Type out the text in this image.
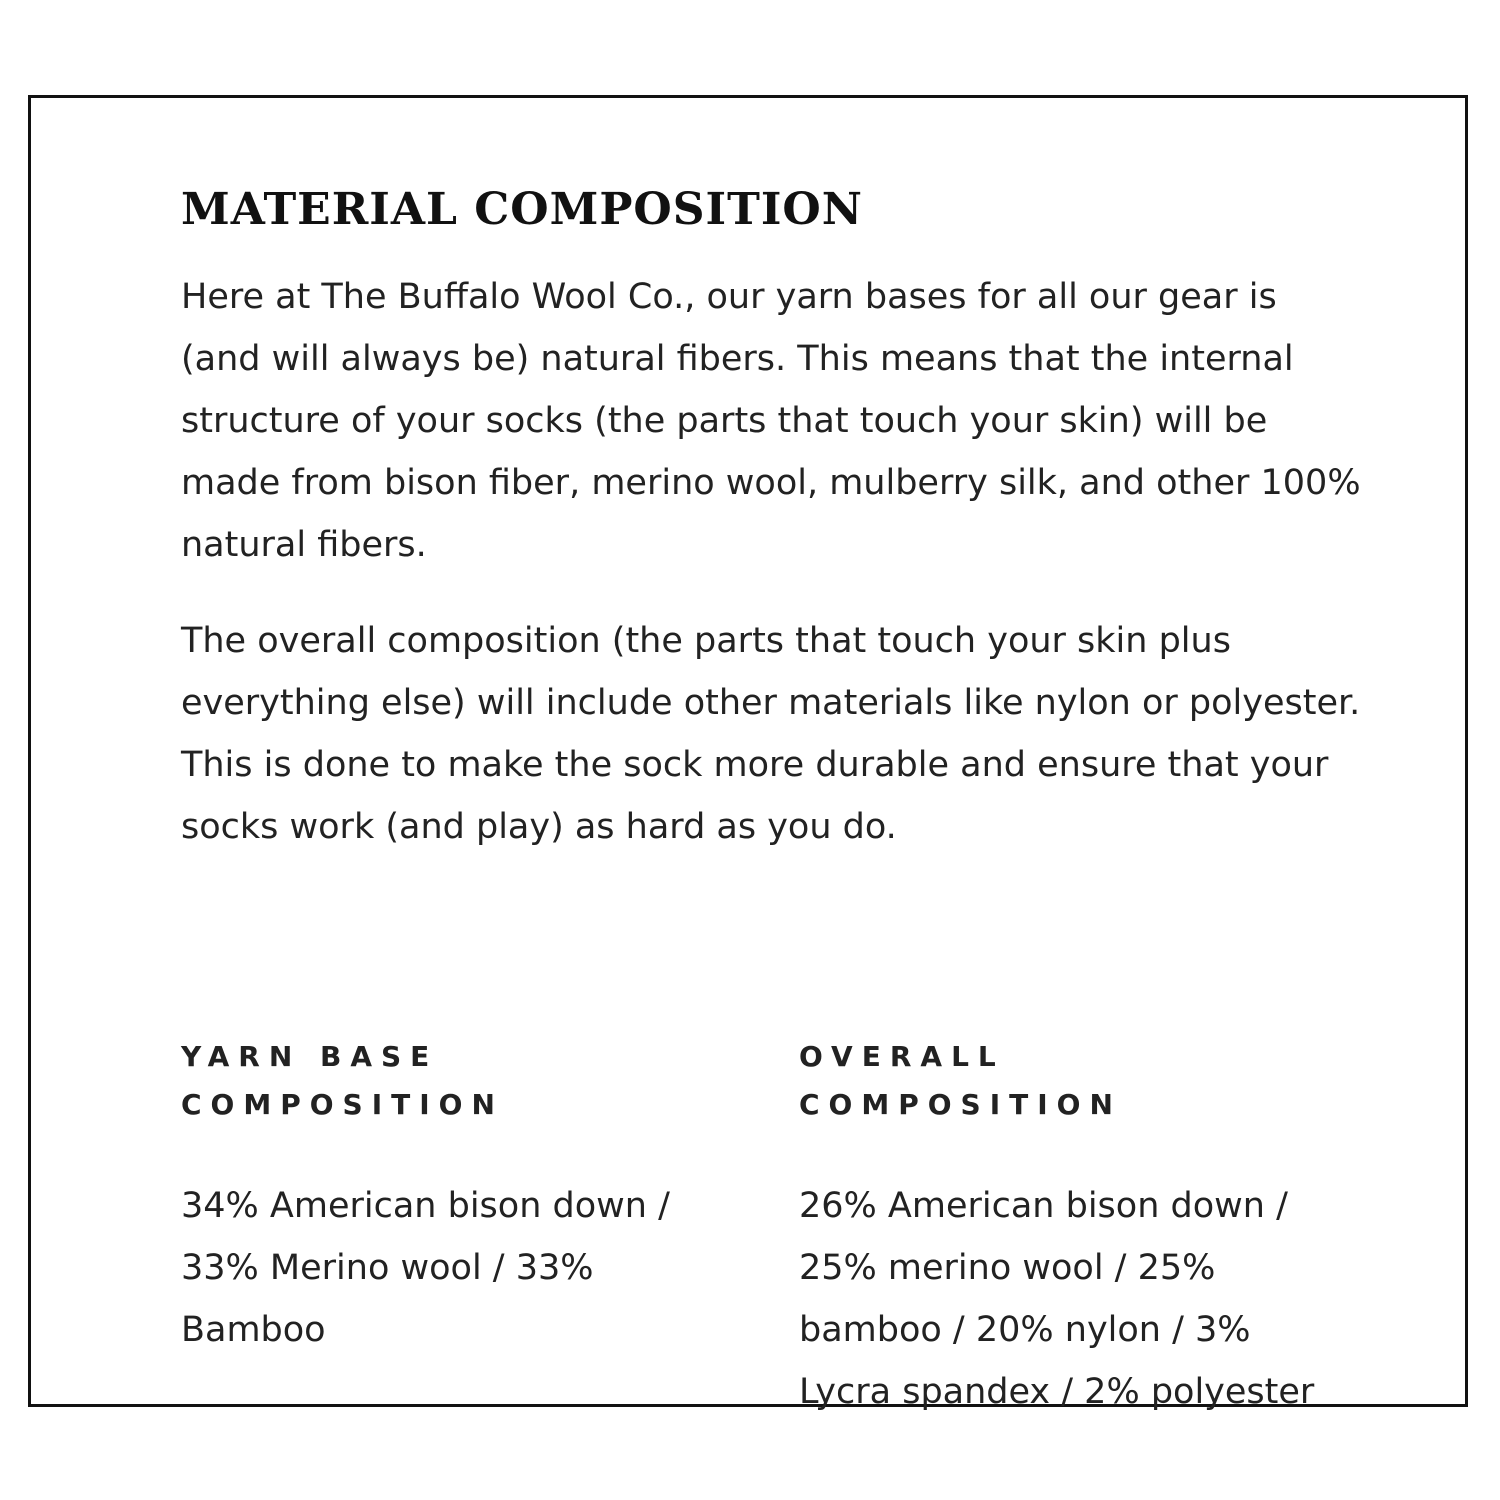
MATERIAL COMPOSITION

Here at The Buffalo Wool Co., our yarn bases for all our gear is (and will always be) natural fibers. This means that the internal structure of your socks (the parts that touch your skin) will be made from bison fiber, merino wool, mulberry silk, and other 100% natural fibers.

The overall composition (the parts that touch your skin plus everything else) will include other materials like nylon or polyester. This is done to make the sock more durable and ensure that your socks work (and play) as hard as you do.

YARN BASE
COMPOSITION

34% American bison down /
33% Merino wool / 33%
Bamboo

OVERALL
COMPOSITION

26% American bison down /
25% merino wool / 25%
bamboo / 20% nylon / 3%
Lycra spandex / 2% polyester
